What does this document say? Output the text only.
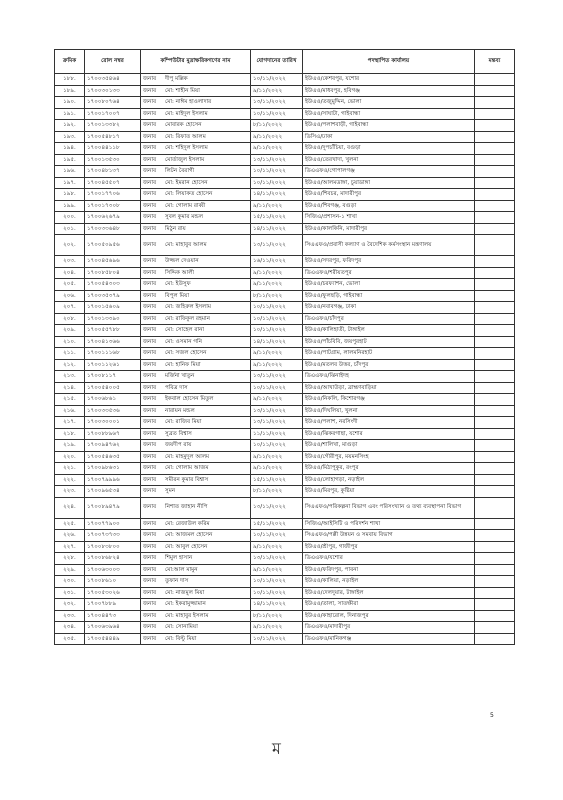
ক্রমিক	রোল নম্বর	কম্পিউটার মুদ্রাক্ষরিকগণের নাম	যোগদানের তারিখ	পদস্থাপিত কার্যালয়	মন্তব্য
১৮৮.	১৭০০৩৫৪৬৪	জনাব দীপু মল্লিক	১০/১১/২০২২	ইউএও/কেশবপুর, যশোর	
১৮৯.	১৭০০৩০১৩৩	জনাব মো: শাহীন মিয়া	৯/১১/২০২২	ইউএও/মাধবপুর, হবিগঞ্জ	
১৯০.	১৭০০৮০৭৬৪	জনাব মো: নাঈম হাওলাদার	১৩/১১/২০২২	ইউএও/তজুমুদ্দিন, ভোলা	
১৯১.	১৭০০১৭০০৭	জনাব মো: মাইদুল ইসলাম	১০/১১/২০২২	ইউএও/সাঘাটা, গাইবান্ধা	
১৯২.	১৭০০১৩৩৮২	জনাব মোবারক হোসেন	৮/১১/২০২২	ইউএও/পলাশবাড়ী, গাইবান্ধা	
১৯৩.	১৭০০৫৪৮১৭	জনাব মো: রিফাত আলম	৯/১১/২০২২	ডিসিএ/ঢাকা	
১৯৪.	১৭০০৪৪১১৮	জনাব মো: শহিদুল ইসলাম	৯/১১/২০২২	ইউএও/দুপচাঁচিয়া, বগুড়া	
১৯৫.	১৭০০১৩৫৩০	জনাব মোর্তাজুল ইসলাম	১৩/১১/২০২২	ইউএও/তেরখাদা, খুলনা	
১৯৬.	১৭০০৪৮১৩৭	জনাব লিটন বৈরাগী	১০/১১/২০২২	ডিএএফও/গোপালগঞ্জ	
১৯৭.	১৭০০৪৫৫০৭	জনাব মো: ইমরান হোসেন	১০/১১/২০২২	ইউএও/আলমডাঙ্গা, চুয়াডাঙ্গা	
১৯৮.	১৭০০১৭৭০৬	জনাব মো: লিয়াকত হোসেন	১৪/১১/২০২২	ইউএও/শিবচর, মাদারীপুর	
১৯৯.	১৭০০১৭৩০৮	জনাব মো: গোলাম রাব্বী	৯/১১/২০২২	ইউএও/শিবগঞ্জ, বগুড়া	
২০০.	১৭০০৬২৬৭৯	জনাব সুবল কুমার মন্ডল	১৫/১১/২০২২	সিজিএ/প্রশাসন-১ শাখা	
২০১.	১৭০০৩৩৬৪৮	জনাব মিঠুন রায়	১৪/১১/২০২২	ইউএও/কালকিনি, মাদারীপুর	
২০২.	১৭০০৫০৯৫৬	জনাব মো: মাহাবুব আলম	১৩/১১/২০২২	সিএএফও/প্রবাসী কল্যাণ ও বৈদেশিক কর্মসংস্থান মন্ত্রণালয়	
২০৩.	১৭০০৪৫৬৯৬	জনাব উজ্জল দেওয়ান	১৬/১১/২০২২	ইউএও/সদরপুর, ফরিদপুর	
২০৪.	১৭০০৮৫৮০৪	জনাব সিদ্দিক আলী	৯/১১/২০২২	ডিএএফও/শরীয়তপুর	
২০৫.	১৭০০৫৪৩০৩	জনাব মো: ইউসুফ	৯/১১/২০২২	ইউএও/চরফ্যাশন, ভোলা	
২০৬.	১৭০০৩৫৩৭৯	জনাব বিপুল মিয়া	৮/১১/২০২২	ইউএও/ফুলছড়ি, গাইবান্ধা	
২০৭.	১৭০০১৫৬০৯	জনাব মো: জহিরুল ইসলাম	১০/১১/২০২২	ইউএও/নবাবগঞ্জ, ঢাকা	
২০৮.	১৭০০১৩৩৯০	জনাব মো: রাফিকুল রহমান	১০/১১/২০২২	ডিএএফও/চাঁদপুর	
২০৯.	১৭০০৫৫৭৮৮	জনাব মো: সোহেল রানা	১০/১১/২০২২	ইউএও/কালিহাতী, টাঙ্গাইল	
২১০.	১৭০০৪১৩৬৬	জনাব মো: ওসমান গনি	১৪/১১/২০২২	ইউএও/পাঁচবিবি, জয়পুরহাট	
২১১.	১৭০০১১১৬৮	জনাব মো: সজল হোসেন	৯/১১/২০২২	ইউএও/পাটগ্রাম, লালমনিরহাট	
২১২.	১৭০০১১২৬১	জনাব মো: হানিফ মিয়া	৯/১১/২০২২	ইউএও/মতলব উত্তর, চাঁদপুর	
২১৩.	১৭০০৮১১৭	জনাব মর্জিনা খাতুন	১৩/১১/২০২২	ডিএএফও/ঝিনাইদহ	
২১৪.	১৭০০৫৪০০৫	জনাব পবিত্র দাস	১০/১১/২০২২	ইউএও/আখাউড়া, ব্রাহ্মণবাড়িয়া	
২১৫.	১৭০০৬৮৬১	জনাব ইকবাল হোসেন মিতুল	৯/১১/২০২২	ইউএও/নিকলি, কিশোরগঞ্জ	
২১৬.	১৭০০৩৩৫৩৬	জনাব নারায়ন মন্ডল	১৩/১১/২০২২	ইউএও/দিঘলিয়া, খুলনা	
২১৭.	১৭০০৩০০০১	জনাব মো: রাজিব মিয়া	১৩/১১/২০২২	ইউএও/পলাশ, নরসিংদী	
২১৮.	১৭০০৮৮৯৬৭	জনাব সুব্রত বিশ্বাস	১১/১১/২০২২	ইউএও/ঝিকরগাছা, যশোর	
২১৯.	১৭০০৯৪৭৬২	জনাব জয়দীপ রায়	১০/১১/২০২২	ইউএও/শালিখা, মাগুড়া	
২২০.	১৭০০৫৪৬৩৫	জনাব মো: মাহমুদুল আলম	৯/১১/২০২২	ইউএও/গৌরীপুর, ময়মনসিংহ	
২২১.	১৭০০৯৮৬৩১	জনাব মো: গোলাম আজম	৯/১১/২০২২	ইউএও/মিঠাপুকুর, রংপুর	
২২২.	১৭০০৭৯৯৯৬	জনাব সমীরন কুমার বিশ্বাস	১৫/১১/২০২২	ইউএও/লোহাগড়া, নড়াইল	
২২৩.	১৭০০৯৬৫৩৪	জনাব সুমন	৮/১১/২০২২	ইউএও/মিরপুর, কুষ্টিয়া	
২২৪.	১৭০০৮৯৪৭৯	জনাব নিশাত জাহান নীপি	১৩/১১/২০২২	সিএএফও/পরিকল্পনা বিভাগ এবং পরিসংখ্যান ও তথ্য ব্যবস্থাপনা বিভাগ	
২২৫.	১৭০০৭৭৯০০	জনাব মো: রেজাউল করিম	১৫/১১/২০২২	সিজিএ/আইসিটি ও পরিদর্শন শাখা	
২২৬.	১৭০০৭৩৭৩৩	জনাব মো: আজমল হোসেন	১০/১১/২০২২	সিএএফও/পল্লী উন্নয়ন ও সমবায় বিভাগ	
২২৭.	১৭০০৮৩৮০০	জনাব মো: আবুল হোসেন	৯/১১/২০২২	ইউএও/শ্রীপুর, গাজীপুর	
২২৮.	১৭০০৮৬৮২৪	জনাব শিমুল হাসান	১৩/১১/২০২২	ডিএএফও/যশোর	
২২৯.	১৭০০৬৩০০৩	জনাব মো:আল মামুন	৯/১১/২০২২	ইউএও/ফরিদপুর, পাবনা	
২৩০.	১৭০০৮৬১০	জনাব তুফান দাস	১০/১১/২০২২	ইউএও/কালিয়া, নড়াইল	
২৩১.	১৭০০৫৩০২৬	জনাব মো: নাজমুল মিয়া	১০/১১/২০২২	ইউএও/দেলদুয়ার, টাঙ্গাইল	
২৩২.	১৭০০৭৮৮৯	জনাব মো: ইকরামুজ্জামান	১৪/১১/২০২২	ইউএও/তালা, সাতক্ষীরা	
২৩৩.	১৭০০৪৪৭৩	জনাব মো: মাহাবুর ইসলাম	৮/১১/২০২২	ইউএও/কাহারোল, দিনাজপুর	
২৩৪.	১৭০০৬৩৯৬৪	জনাব মো: সোনামিয়া	৯/১১/২০২২	ডিএএফও/মাদারীপুর	
২৩৫.	১৭০০৫৪৪৪৯	জনাব মো: বিল্টু মিয়া	১০/১১/২০২২	ডিএএফও/মানিকগঞ্জ	
ম
5
